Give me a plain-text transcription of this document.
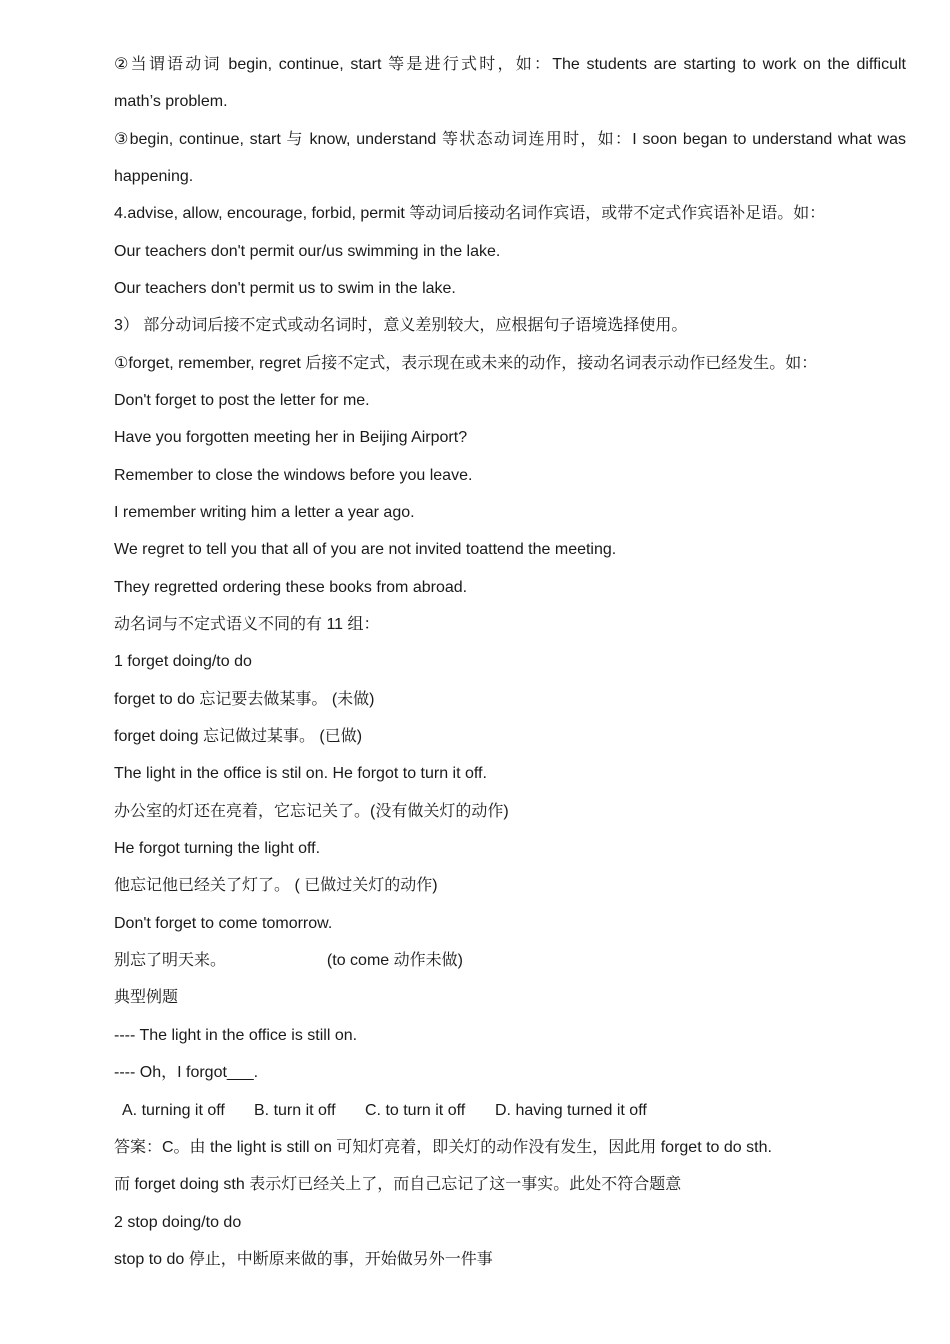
②当谓语动词 begin, continue, start 等是进行式时，如：The students are starting to work on the difficult
math’s problem.
③begin, continue, start 与 know, understand 等状态动词连用时，如：I soon began to understand what was
happening.
4.advise, allow, encourage, forbid, permit 等动词后接动名词作宾语，或带不定式作宾语补足语。如：
Our teachers don't permit our/us swimming in the lake.
Our teachers don't permit us to swim in the lake.
3） 部分动词后接不定式或动名词时，意义差别较大，应根据句子语境选择使用。
①forget, remember, regret 后接不定式，表示现在或未来的动作，接动名词表示动作已经发生。如：
Don't forget to post the letter for me.
Have you forgotten meeting her in Beijing Airport?
Remember to close the windows before you leave.
I remember writing him a letter a year ago.
We regret to tell you that all of you are not invited toattend the meeting.
They regretted ordering these books from abroad.
动名词与不定式语义不同的有 11 组：
1 forget doing/to do
forget to do 忘记要去做某事。 (未做)
forget doing 忘记做过某事。 (已做)
The light in the office is stil on. He forgot to turn it off.
办公室的灯还在亮着，它忘记关了。(没有做关灯的动作)
He forgot turning the light off.
他忘记他已经关了灯了。 ( 已做过关灯的动作)
Don't forget to come tomorrow.
别忘了明天来。	(to come 动作未做)
典型例题
---- The light in the office is still on.
---- Oh，I forgot___.
A. turning it off B. turn it off C. to turn it off D. having turned it off
答案：C。由 the light is still on 可知灯亮着，即关灯的动作没有发生，因此用 forget to do sth.
而 forget doing sth 表示灯已经关上了，而自己忘记了这一事实。此处不符合题意
2 stop doing/to do
stop to do 停止，中断原来做的事，开始做另外一件事
